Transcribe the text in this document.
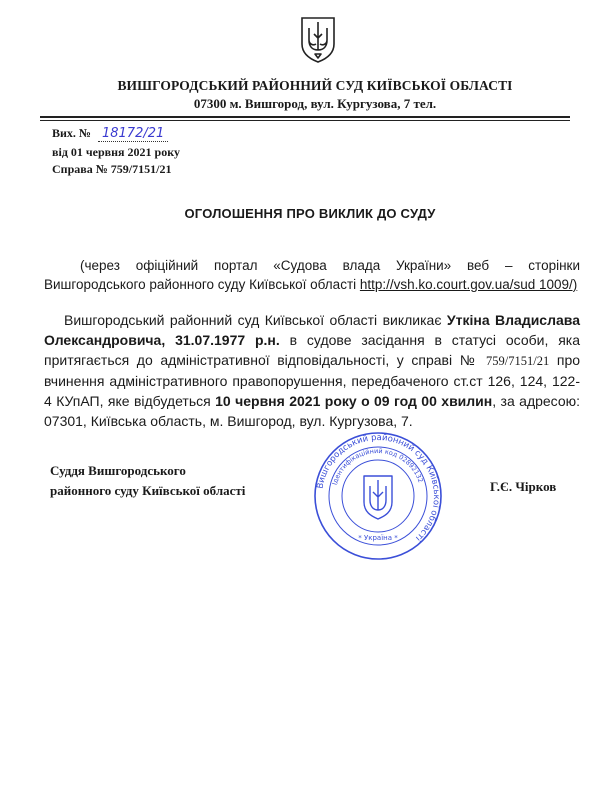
ВИШГОРОДСЬКИЙ РАЙОННИЙ СУД КИЇВСЬКОЇ ОБЛАСТІ
07300 м. Вишгород, вул. Кургузова, 7 тел.
Вих. № 18172/21
від 01 червня 2021 року
Справа № 759/7151/21
ОГОЛОШЕННЯ ПРО ВИКЛИК ДО СУДУ
(через офіційний портал «Судова влада України» веб – сторінки Вишгородського районного суду Київської області http://vsh.ko.court.gov.ua/sud 1009/)
Вишгородський районний суд Київської області викликає Уткіна Владислава Олександровича, 31.07.1977 р.н. в судове засідання в статусі особи, яка притягається до адміністративної відповідальності, у справі № 759/7151/21 про вчинення адміністративного правопорушення, передбаченого ст.ст 126, 124, 122-4 КУпАП, яке відбудеться 10 червня 2021 року о 09 год 00 хвилин, за адресою: 07301, Київська область, м. Вишгород, вул. Кургузова, 7.
Суддя Вишгородського
районного суду Київської області	Г.Є. Чірков
Вишгородський районний суд Київської області
Ідентифікаційний код 02892132
* Україна *
